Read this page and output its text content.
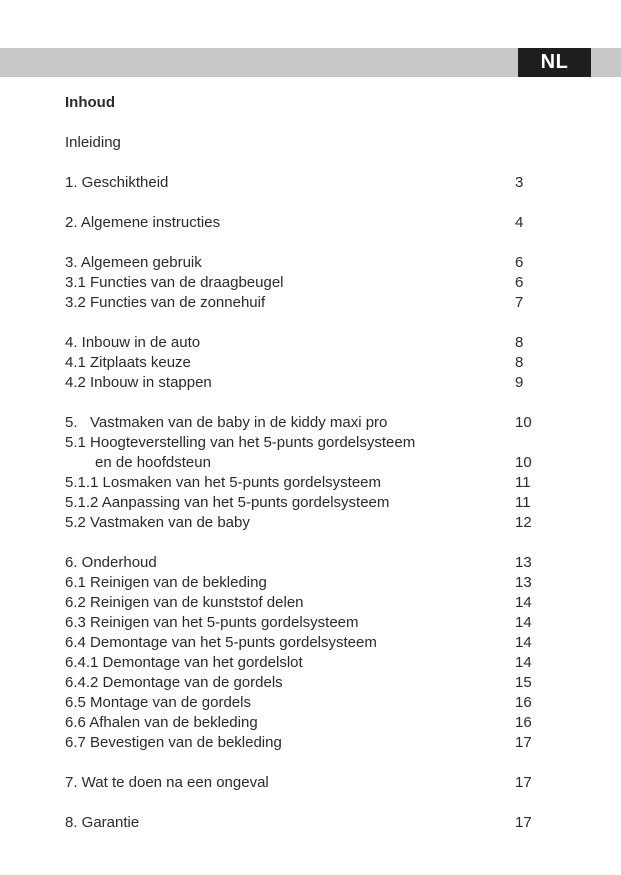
NL
Inhoud
Inleiding
1. Geschiktheid	3
2. Algemene instructies	4
3. Algemeen gebruik	6
3.1 Functies van de draagbeugel	6
3.2 Functies van de zonnehuif	7
4. Inbouw in de auto	8
4.1 Zitplaats keuze	8
4.2 Inbouw in stappen	9
5.   Vastmaken van de baby in de kiddy maxi pro	10
5.1 Hoogteverstelling van het 5-punts gordelsysteem
en de hoofdsteun	10
5.1.1 Losmaken van het 5-punts gordelsysteem	11
5.1.2 Aanpassing van het 5-punts gordelsysteem	11
5.2 Vastmaken van de baby	12
6. Onderhoud	13
6.1 Reinigen van de bekleding	13
6.2 Reinigen van de kunststof delen	14
6.3 Reinigen van het 5-punts gordelsysteem	14
6.4 Demontage van het 5-punts gordelsysteem	14
6.4.1 Demontage van het gordelslot	14
6.4.2 Demontage van de gordels	15
6.5 Montage van de gordels	16
6.6 Afhalen van de bekleding	16
6.7 Bevestigen van de bekleding	17
7. Wat te doen na een ongeval	17
8. Garantie	17
